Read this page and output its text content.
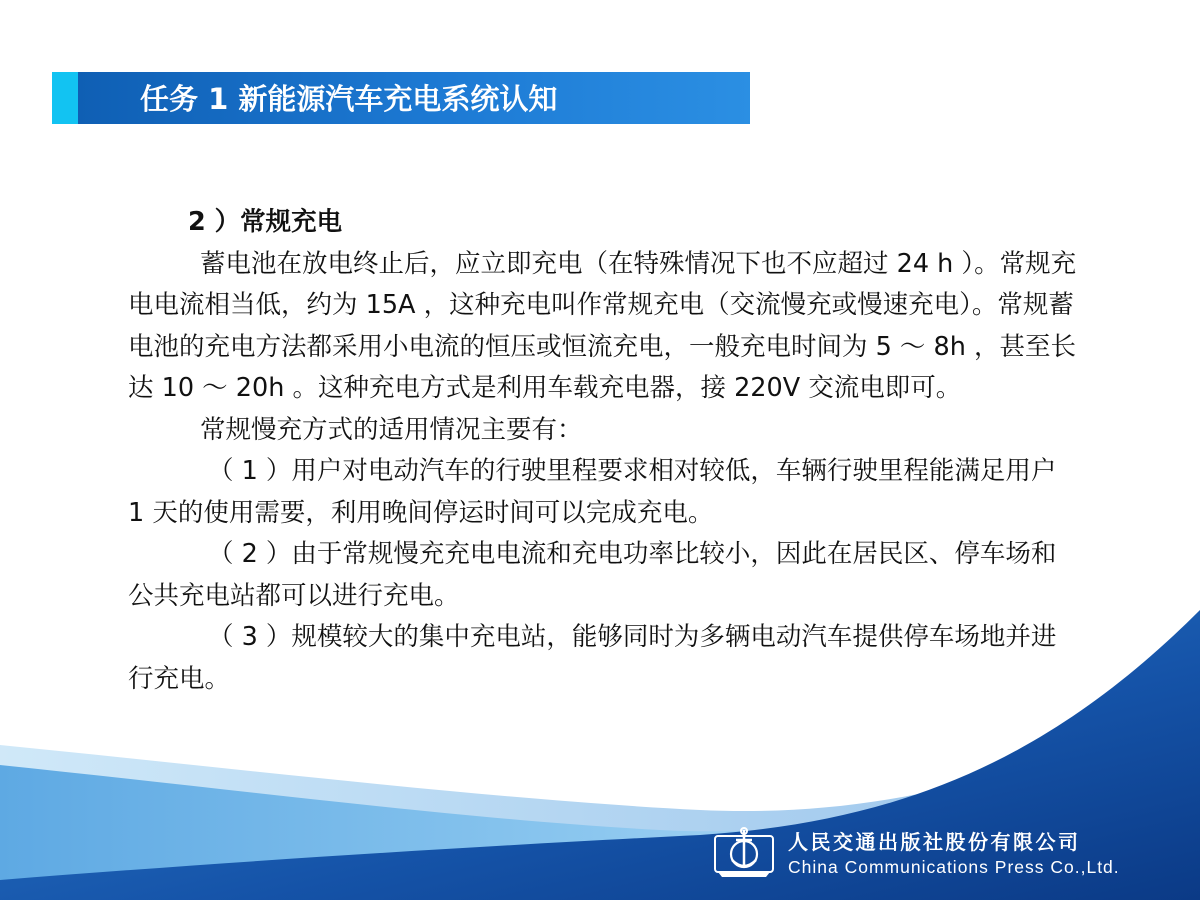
任务 1 新能源汽车充电系统认知

2 ）常规充电

蓄电池在放电终止后，应立即充电（在特殊情况下也不应超过 24 h ）。常规充电电流相当低，约为 15A ，这种充电叫作常规充电（交流慢充或慢速充电）。常规蓄电池的充电方法都采用小电流的恒压或恒流充电，一般充电时间为 5 ～ 8h ，甚至长达 10 ～ 20h 。这种充电方式是利用车载充电器，接 220V 交流电即可。

常规慢充方式的适用情况主要有：

（ 1 ）用户对电动汽车的行驶里程要求相对较低，车辆行驶里程能满足用户 1 天的使用需要，利用晚间停运时间可以完成充电。

（ 2 ）由于常规慢充充电电流和充电功率比较小，因此在居民区、停车场和公共充电站都可以进行充电。

（ 3 ）规模较大的集中充电站，能够同时为多辆电动汽车提供停车场地并进行充电。

人民交通出版社股份有限公司
China Communications Press Co.,Ltd.
